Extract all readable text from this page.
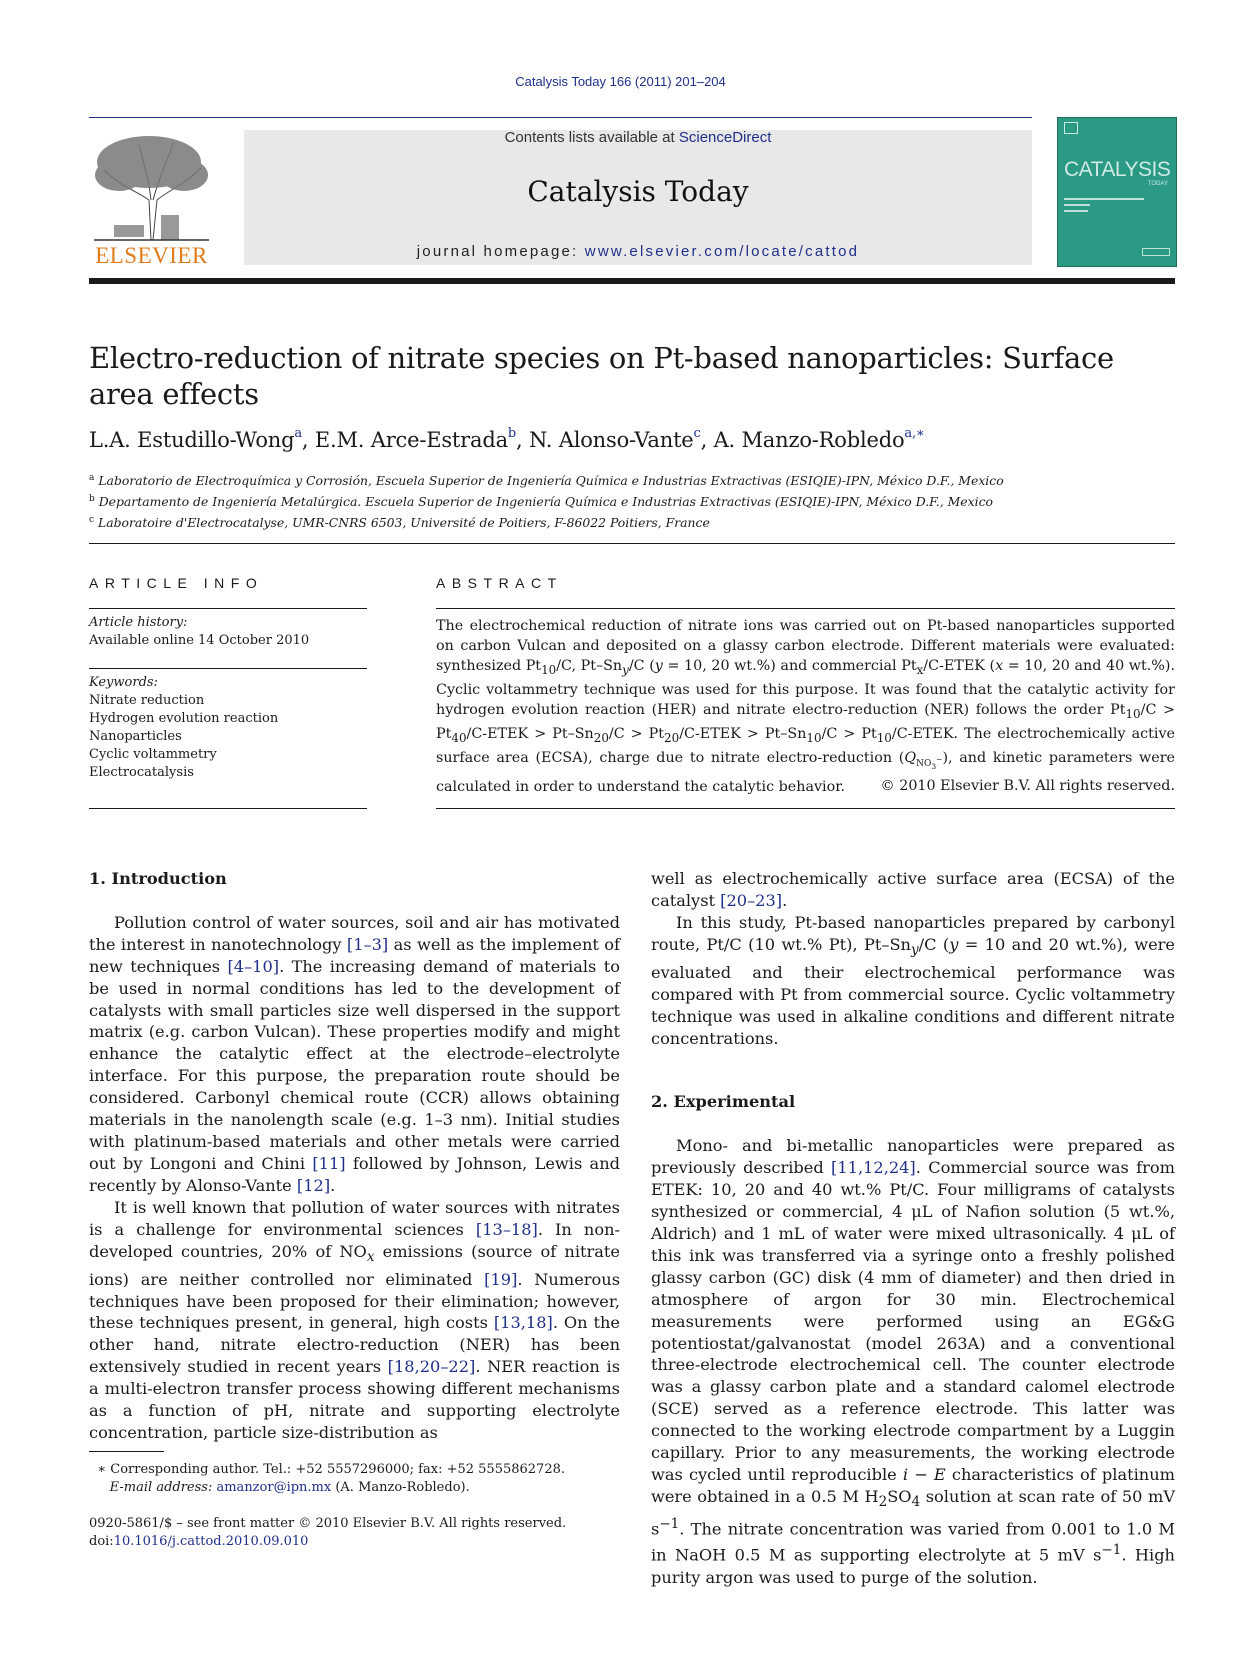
Catalysis Today 166 (2011) 201–204
ELSEVIER
Contents lists available at ScienceDirect
Catalysis Today
journal homepage: www.elsevier.com/locate/cattod
CATALYSIS
TODAY
Electro-reduction of nitrate species on Pt-based nanoparticles: Surface area effects
L.A. Estudillo-Wong$^a$, E.M. Arce-Estrada$^b$, N. Alonso-Vante$^c$, A. Manzo-Robledo$^{a,∗}$
$^a$ Laboratorio de Electroquímica y Corrosión, Escuela Superior de Ingeniería Química e Industrias Extractivas (ESIQIE)-IPN, México D.F., Mexico
$^b$ Departamento de Ingeniería Metalúrgica. Escuela Superior de Ingeniería Química e Industrias Extractivas (ESIQIE)-IPN, México D.F., Mexico
$^c$ Laboratoire d'Electrocatalyse, UMR-CNRS 6503, Université de Poitiers, F-86022 Poitiers, France
ARTICLE INFO
Article history:
Available online 14 October 2010
Keywords:
Nitrate reduction
Hydrogen evolution reaction
Nanoparticles
Cyclic voltammetry
Electrocatalysis
ABSTRACT
The electrochemical reduction of nitrate ions was carried out on Pt-based nanoparticles supported on carbon Vulcan and deposited on a glassy carbon electrode. Different materials were evaluated: synthesized $Pt_{10}/C$, $Pt-Sn_y/C$ (y = 10, 20 wt.%) and commercial $Pt_x/C$-ETEK (x = 10, 20 and 40 wt.%). Cyclic voltammetry technique was used for this purpose. It was found that the catalytic activity for hydrogen evolution reaction (HER) and nitrate electro-reduction (NER) follows the order $Pt_{10}/C$ > $Pt_{40}/C$-ETEK > $Pt-Sn_{20}/C$ > $Pt_{20}/C$-ETEK > $Pt-Sn_{10}/C$ > $Pt_{10}/C$-ETEK. The electrochemically active surface area (ECSA), charge due to nitrate electro-reduction $(Q_{NO_3^-})$, and kinetic parameters were calculated in order to understand the catalytic behavior.	© 2010 Elsevier B.V. All rights reserved.
1. Introduction

Pollution control of water sources, soil and air has motivated the interest in nanotechnology [1–3] as well as the implement of new techniques [4–10]. The increasing demand of materials to be used in normal conditions has led to the development of catalysts with small particles size well dispersed in the support matrix (e.g. carbon Vulcan). These properties modify and might enhance the catalytic effect at the electrode–electrolyte interface. For this purpose, the preparation route should be considered. Carbonyl chemical route (CCR) allows obtaining materials in the nanolength scale (e.g. 1–3 nm). Initial studies with platinum-based materials and other metals were carried out by Longoni and Chini [11] followed by Johnson, Lewis and recently by Alonso-Vante [12].

It is well known that pollution of water sources with nitrates is a challenge for environmental sciences [13–18]. In non-developed countries, 20% of $NO_x$ emissions (source of nitrate ions) are neither controlled nor eliminated [19]. Numerous techniques have been proposed for their elimination; however, these techniques present, in general, high costs [13,18]. On the other hand, nitrate electro-reduction (NER) has been extensively studied in recent years [18,20–22]. NER reaction is a multi-electron transfer process showing different mechanisms as a function of pH, nitrate and supporting electrolyte concentration, particle size-distribution as

well as electrochemically active surface area (ECSA) of the catalyst [20–23].

In this study, Pt-based nanoparticles prepared by carbonyl route, Pt/C (10 wt.% Pt), $Pt-Sn_y/C$ (y = 10 and 20 wt.%), were evaluated and their electrochemical performance was compared with Pt from commercial source. Cyclic voltammetry technique was used in alkaline conditions and different nitrate concentrations.

2. Experimental

Mono- and bi-metallic nanoparticles were prepared as previously described [11,12,24]. Commercial source was from ETEK: 10, 20 and 40 wt.% Pt/C. Four milligrams of catalysts synthesized or commercial, 4 μL of Nafion solution (5 wt.%, Aldrich) and 1 mL of water were mixed ultrasonically. 4 μL of this ink was transferred via a syringe onto a freshly polished glassy carbon (GC) disk (4 mm of diameter) and then dried in atmosphere of argon for 30 min. Electrochemical measurements were performed using an EG&G potentiostat/galvanostat (model 263A) and a conventional three-electrode electrochemical cell. The counter electrode was a glassy carbon plate and a standard calomel electrode (SCE) served as a reference electrode. This latter was connected to the working electrode compartment by a Luggin capillary. Prior to any measurements, the working electrode was cycled until reproducible i − E characteristics of platinum were obtained in a 0.5 M $H_2SO_4$ solution at scan rate of 50 mV $s^{-1}$. The nitrate concentration was varied from 0.001 to 1.0 M in NaOH 0.5 M as supporting electrolyte at 5 mV $s^{-1}$. High purity argon was used to purge of the solution.

∗ Corresponding author. Tel.: +52 5557296000; fax: +52 5555862728.
E-mail address: amanzor@ipn.mx (A. Manzo-Robledo).
0920-5861/$ – see front matter © 2010 Elsevier B.V. All rights reserved.
doi:10.1016/j.cattod.2010.09.010
